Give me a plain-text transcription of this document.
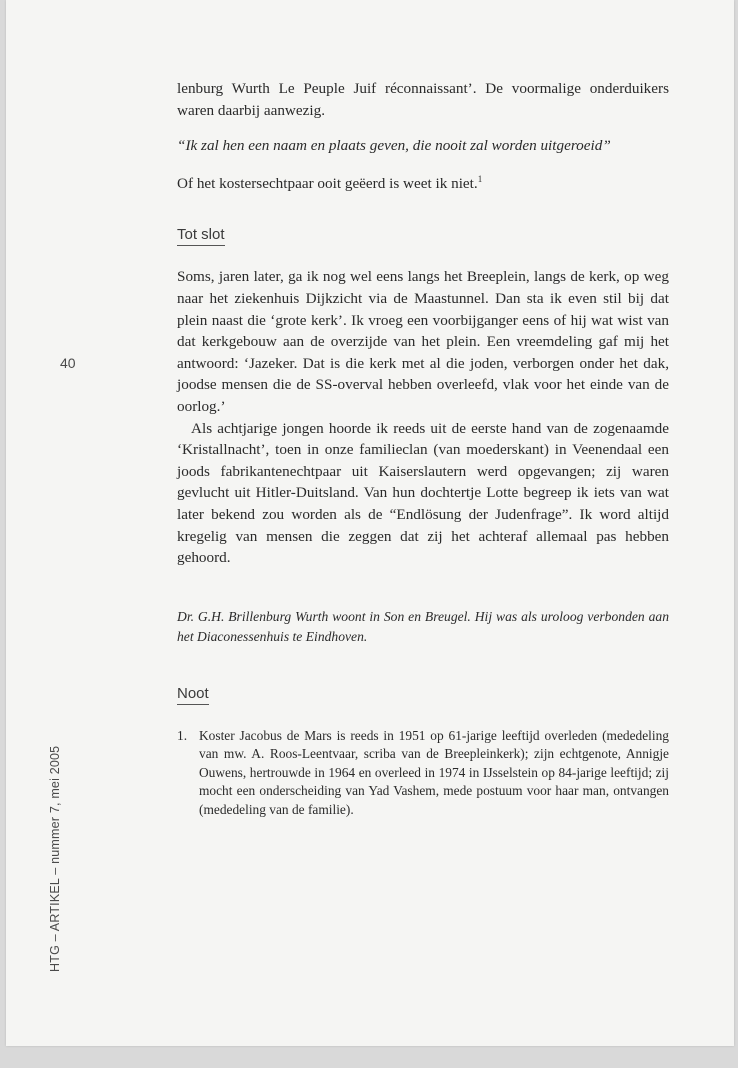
40
HTG – ARTIKEL – nummer 7, mei 2005

lenburg Wurth Le Peuple Juif réconnaissant’. De voormalige onderduikers waren daarbij aanwezig.

“Ik zal hen een naam en plaats geven, die nooit zal worden uitgeroeid”

Of het kostersechtpaar ooit geëerd is weet ik niet.$^1$

Tot slot

Soms, jaren later, ga ik nog wel eens langs het Breeplein, langs de kerk, op weg naar het ziekenhuis Dijkzicht via de Maastunnel. Dan sta ik even stil bij dat plein naast die ‘grote kerk’. Ik vroeg een voorbijganger eens of hij wat wist van dat kerkgebouw aan de overzijde van het plein. Een vreemdeling gaf mij het antwoord: ‘Jazeker. Dat is die kerk met al die joden, verborgen onder het dak, joodse mensen die de SS-overval hebben overleefd, vlak voor het einde van de oorlog.’

Als achtjarige jongen hoorde ik reeds uit de eerste hand van de zogenaamde ‘Kristallnacht’, toen in onze familieclan (van moederskant) in Veenendaal een joods fabrikantenechtpaar uit Kaiserslautern werd opgevangen; zij waren gevlucht uit Hitler-Duitsland. Van hun dochtertje Lotte begreep ik iets van wat later bekend zou worden als de “Endlösung der Judenfrage”. Ik word altijd kregelig van mensen die zeggen dat zij het achteraf allemaal pas hebben gehoord.

Dr. G.H. Brillenburg Wurth woont in Son en Breugel. Hij was als uroloog verbonden aan het Diaconessenhuis te Eindhoven.

Noot

1. Koster Jacobus de Mars is reeds in 1951 op 61-jarige leeftijd overleden (mededeling van mw. A. Roos-Leentvaar, scriba van de Breepleinkerk); zijn echtgenote, Annigje Ouwens, hertrouwde in 1964 en overleed in 1974 in IJsselstein op 84-jarige leeftijd; zij mocht een onderscheiding van Yad Vashem, mede postuum voor haar man, ontvangen (mededeling van de familie).
